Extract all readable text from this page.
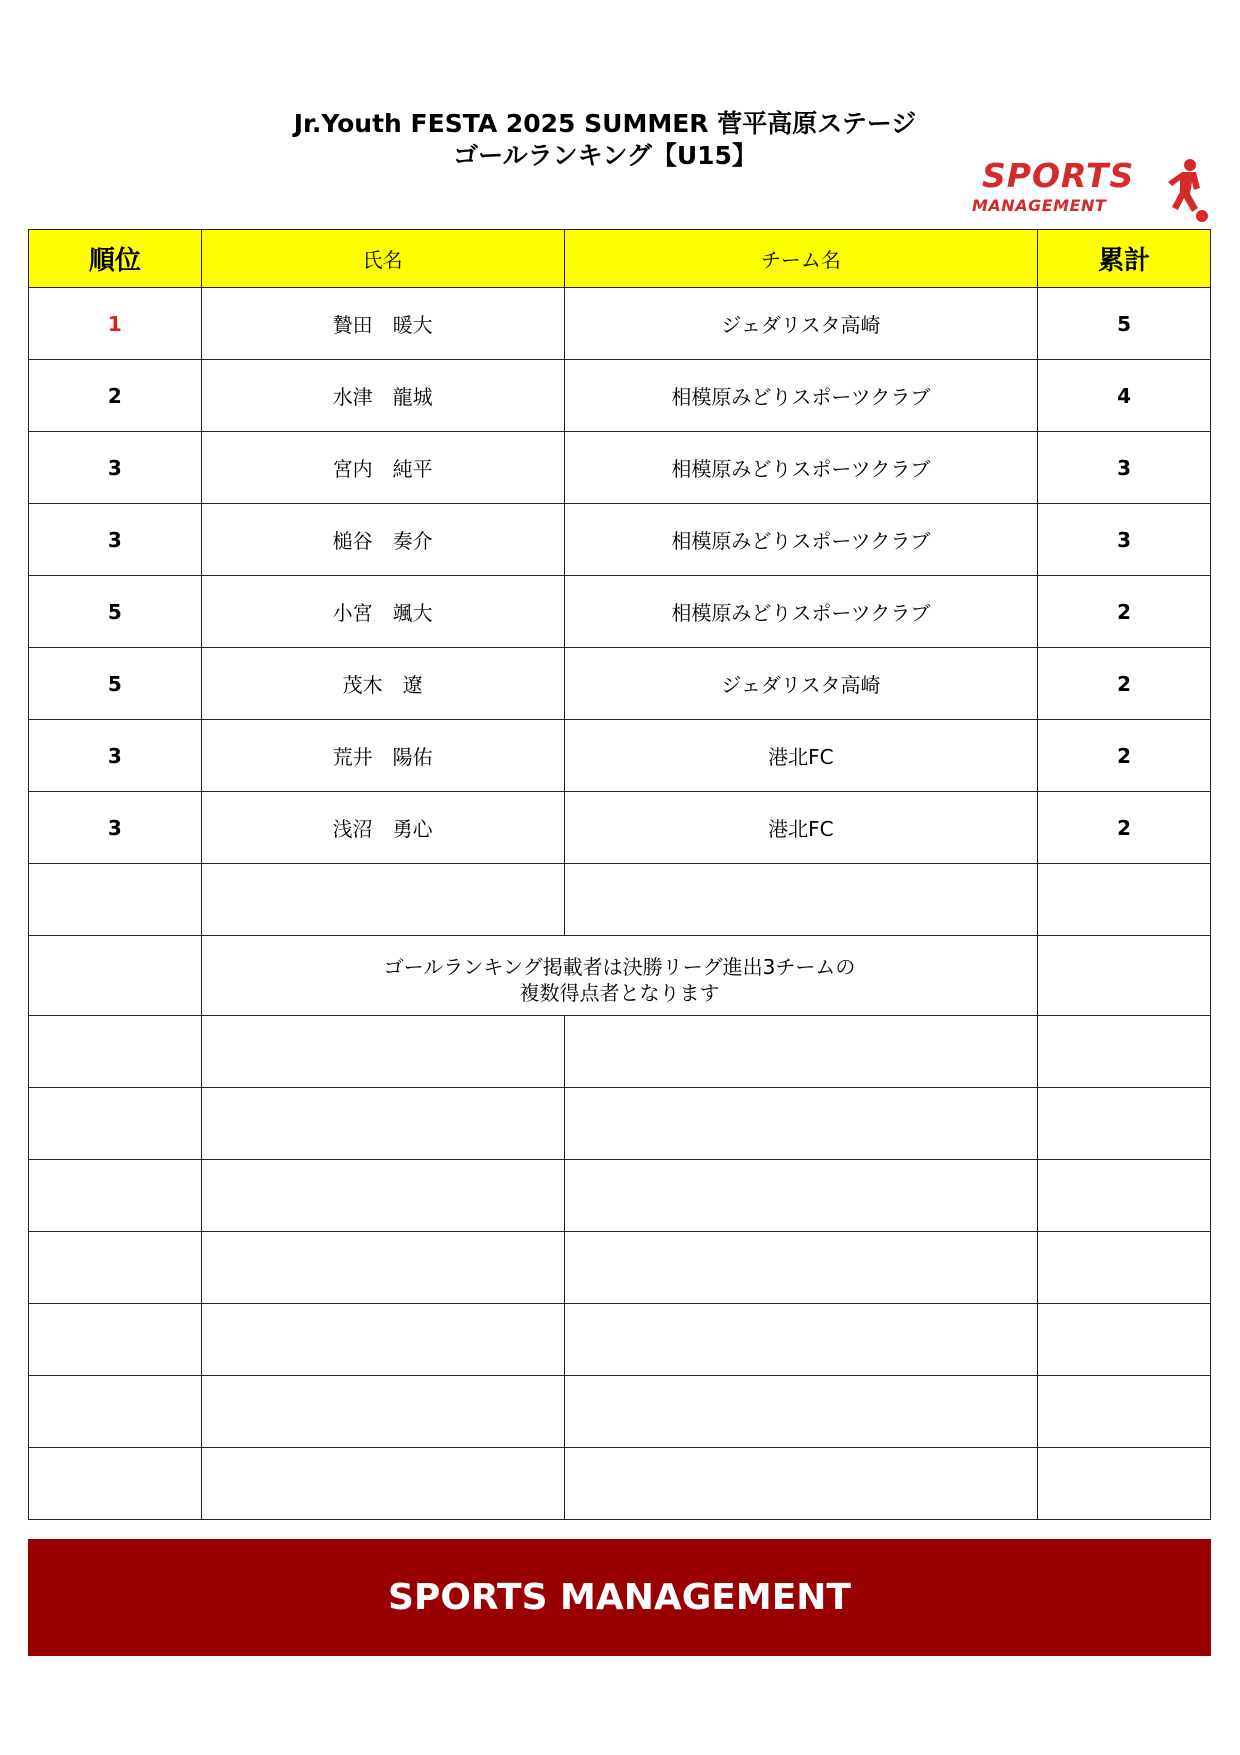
Jr.Youth FESTA 2025 SUMMER 菅平高原ステージ
ゴールランキング【U15】
SPORTS
MANAGEMENT
順位	氏名	チーム名	累計
1	贄田　暖大	ジェダリスタ高崎	5
2	水津　龍城	相模原みどりスポーツクラブ	4
3	宮内　純平	相模原みどりスポーツクラブ	3
3	槌谷　奏介	相模原みどりスポーツクラブ	3
5	小宮　颯大	相模原みどりスポーツクラブ	2
5	茂木　遼	ジェダリスタ高崎	2
3	荒井　陽佑	港北FC	2
3	浅沼　勇心	港北FC	2

	ゴールランキング掲載者は決勝リーグ進出3チームの
複数得点者となります		

SPORTS MANAGEMENT
